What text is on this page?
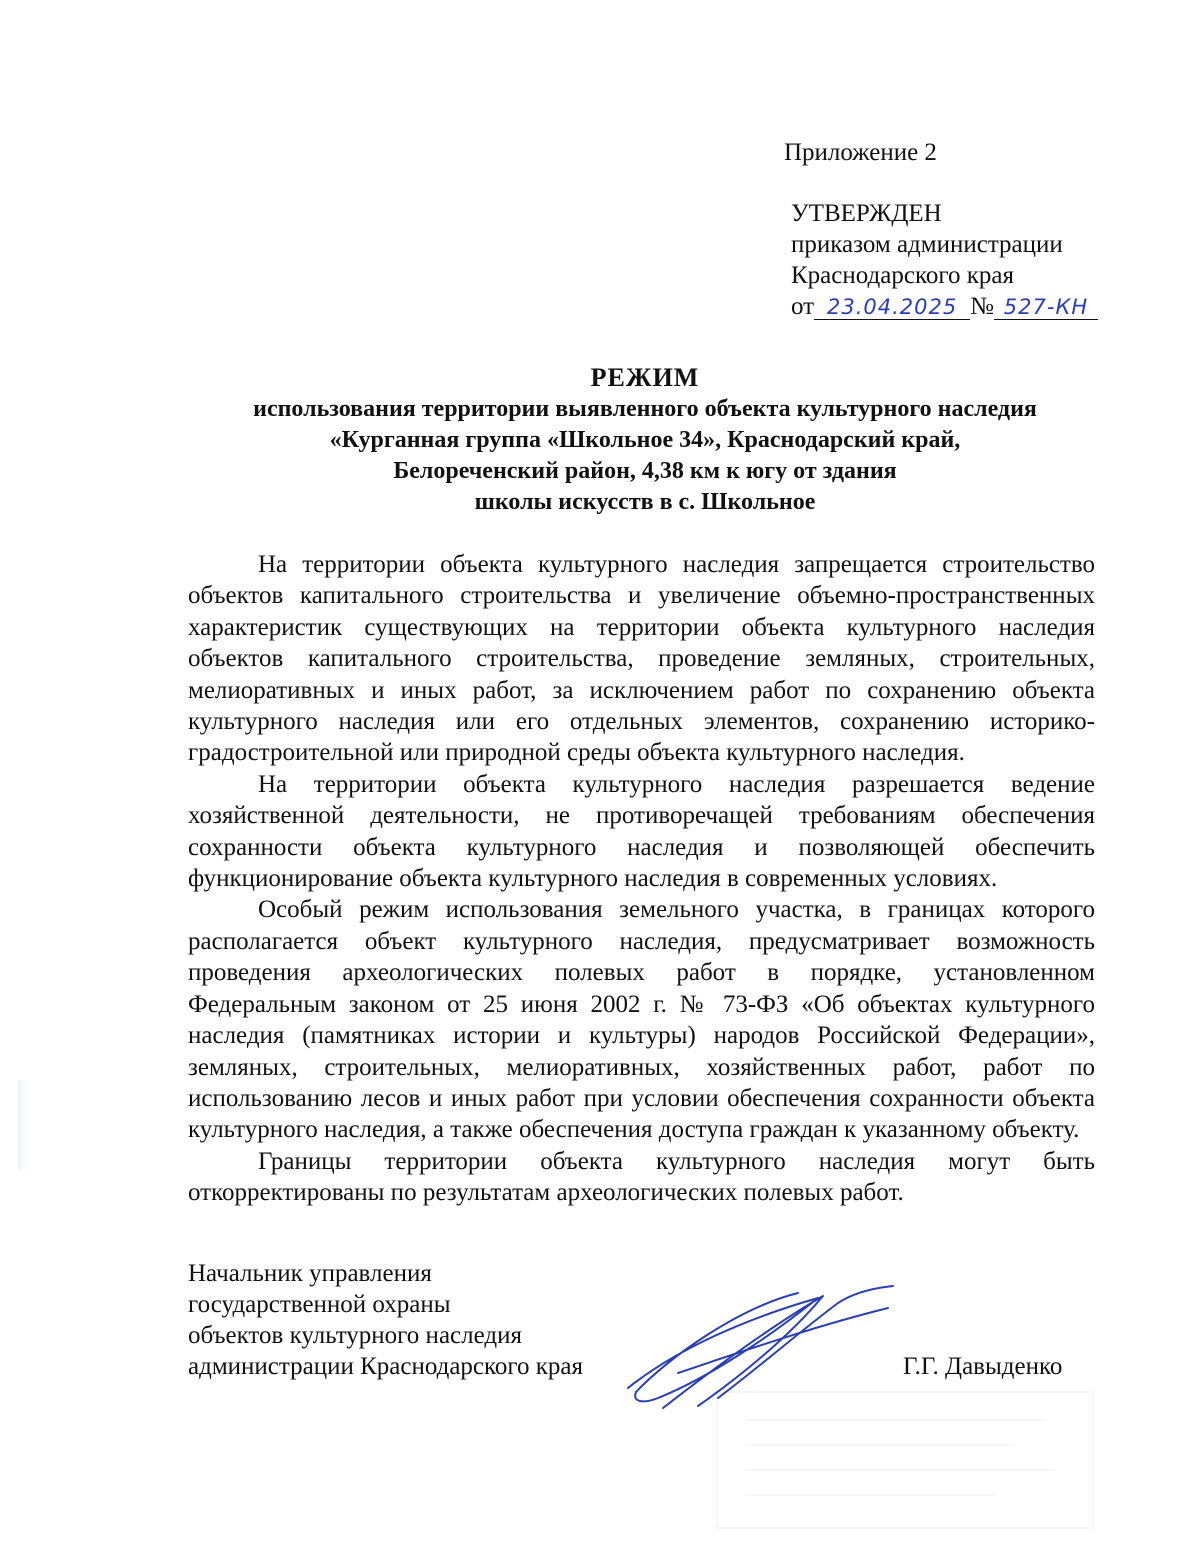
Приложение 2
УТВЕРЖДЕН
приказом администрации
Краснодарского края
от 23.04.2025 № 527-КН
РЕЖИМ
использования территории выявленного объекта культурного наследия
«Курганная группа «Школьное 34», Краснодарский край,
Белореченский район, 4,38 км к югу от здания
школы искусств в с. Школьное

На территории объекта культурного наследия запрещается строительство объектов капитального строительства и увеличение объемно-пространственных характеристик существующих на территории объекта культурного наследия объектов капитального строительства, проведение земляных, строительных, мелиоративных и иных работ, за исключением работ по сохранению объекта культурного наследия или его отдельных элементов, сохранению историко-градостроительной или природной среды объекта культурного наследия.

На территории объекта культурного наследия разрешается ведение хозяйственной деятельности, не противоречащей требованиям обеспечения сохранности объекта культурного наследия и позволяющей обеспечить функционирование объекта культурного наследия в современных условиях.

Особый режим использования земельного участка, в границах которого располагается объект культурного наследия, предусматривает возможность проведения археологических полевых работ в порядке, установленном Федеральным законом от 25 июня 2002 г. № 73-ФЗ «Об объектах культурного наследия (памятниках истории и культуры) народов Российской Федерации», земляных, строительных, мелиоративных, хозяйственных работ, работ по использованию лесов и иных работ при условии обеспечения сохранности объекта культурного наследия, а также обеспечения доступа граждан к указанному объекту.

Границы территории объекта культурного наследия могут быть откорректированы по результатам археологических полевых работ.

Начальник управления
государственной охраны
объектов культурного наследия
администрации Краснодарского края	Г.Г. Давыденко
